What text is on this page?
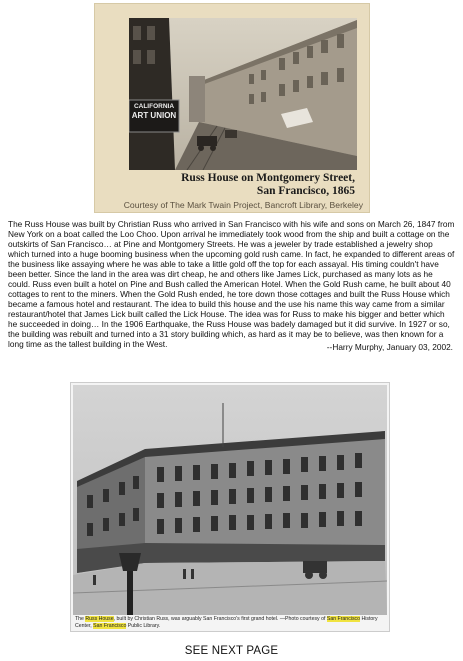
CALIFORNIA
ART UNION
Russ House on Montgomery Street,
San Francisco, 1865
Courtesy of The Mark Twain Project, Bancroft Library, Berkeley

The Russ House was built by Christian Russ who arrived in San Francisco with his wife and sons on March 26, 1847 from New York on a boat called the Loo Choo. Upon arrival he immediately took wood from the ship and built a cottage on the outskirts of San Francisco… at Pine and Montgomery Streets. He was a jeweler by trade established a jewelry shop which turned into a huge booming business when the upcoming gold rush came. In fact, he expanded to different areas of the business like assaying where he was able to take a little gold off the top for each assayal. His timing couldn't have been better. Since the land in the area was dirt cheap, he and others like James Lick, purchased as many lots as he could. Russ even built a hotel on Pine and Bush called the American Hotel. When the Gold Rush came, he built about 40 cottages to rent to the miners. When the Gold Rush ended, he tore down those cottages and built the Russ House which became a famous hotel and restaurant. The idea to build this house and the use his name this way came from a similar restaurant/hotel that James Lick built called the Lick House. The idea was for Russ to make his bigger and better which he succeeded in doing… In the 1906 Earthquake, the Russ House was badely damaged but it did survive. In 1927 or so, the building was rebuilt and turned into a 31 story building which, as hard as it may be to believe, was then known for a long time as the tallest building in the West.	--Harry Murphy, January 03, 2002.
The Russ House, built by Christian Russ, was arguably San Francisco's first grand hotel. —Photo courtesy of San Francisco History Center, San Francisco Public Library.
SEE NEXT PAGE
